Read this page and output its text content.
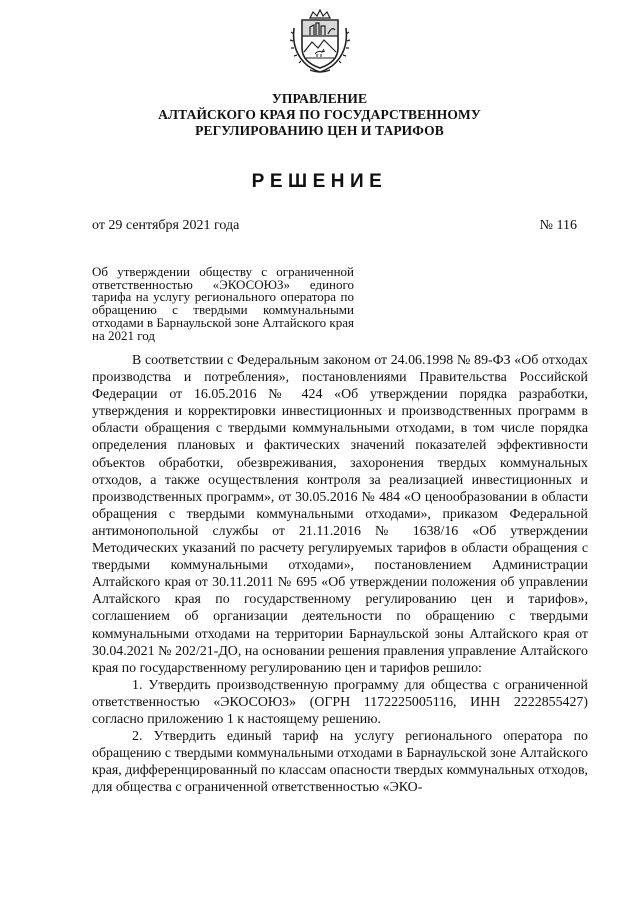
УПРАВЛЕНИЕ
АЛТАЙСКОГО КРАЯ ПО ГОСУДАРСТВЕННОМУ
РЕГУЛИРОВАНИЮ ЦЕН И ТАРИФОВ
РЕШЕНИЕ
от 29 сентября 2021 года	№ 116
Об утверждении обществу с ограниченной ответственностью «ЭКОСОЮЗ» единого тарифа на услугу регионального оператора по обращению с твердыми коммунальными отходами в Барнаульской зоне Алтайского края на 2021 год

В соответствии с Федеральным законом от 24.06.1998 № 89-ФЗ «Об отходах производства и потребления», постановлениями Правительства Российской Федерации от 16.05.2016 № 424 «Об утверждении порядка разработки, утверждения и корректировки инвестиционных и производственных программ в области обращения с твердыми коммунальными отходами, в том числе порядка определения плановых и фактических значений показателей эффективности объектов обработки, обезвреживания, захоронения твердых коммунальных отходов, а также осуществления контроля за реализацией инвестиционных и производственных программ», от 30.05.2016 № 484 «О ценообразовании в области обращения с твердыми коммунальными отходами», приказом Федеральной антимонопольной службы от 21.11.2016 № 1638/16 «Об утверждении Методических указаний по расчету регулируемых тарифов в области обращения с твердыми коммунальными отходами», постановлением Администрации Алтайского края от 30.11.2011 № 695 «Об утверждении положения об управлении Алтайского края по государственному регулированию цен и тарифов», соглашением об организации деятельности по обращению с твердыми коммунальными отходами на территории Барнаульской зоны Алтайского края от 30.04.2021 № 202/21-ДО, на основании решения правления управление Алтайского края по государственному регулированию цен и тарифов решило:

1. Утвердить производственную программу для общества с ограниченной ответственностью «ЭКОСОЮЗ» (ОГРН 1172225005116, ИНН 2222855427) согласно приложению 1 к настоящему решению.

2. Утвердить единый тариф на услугу регионального оператора по обращению с твердыми коммунальными отходами в Барнаульской зоне Алтайского края, дифференцированный по классам опасности твердых коммунальных отходов, для общества с ограниченной ответственностью «ЭКО-
